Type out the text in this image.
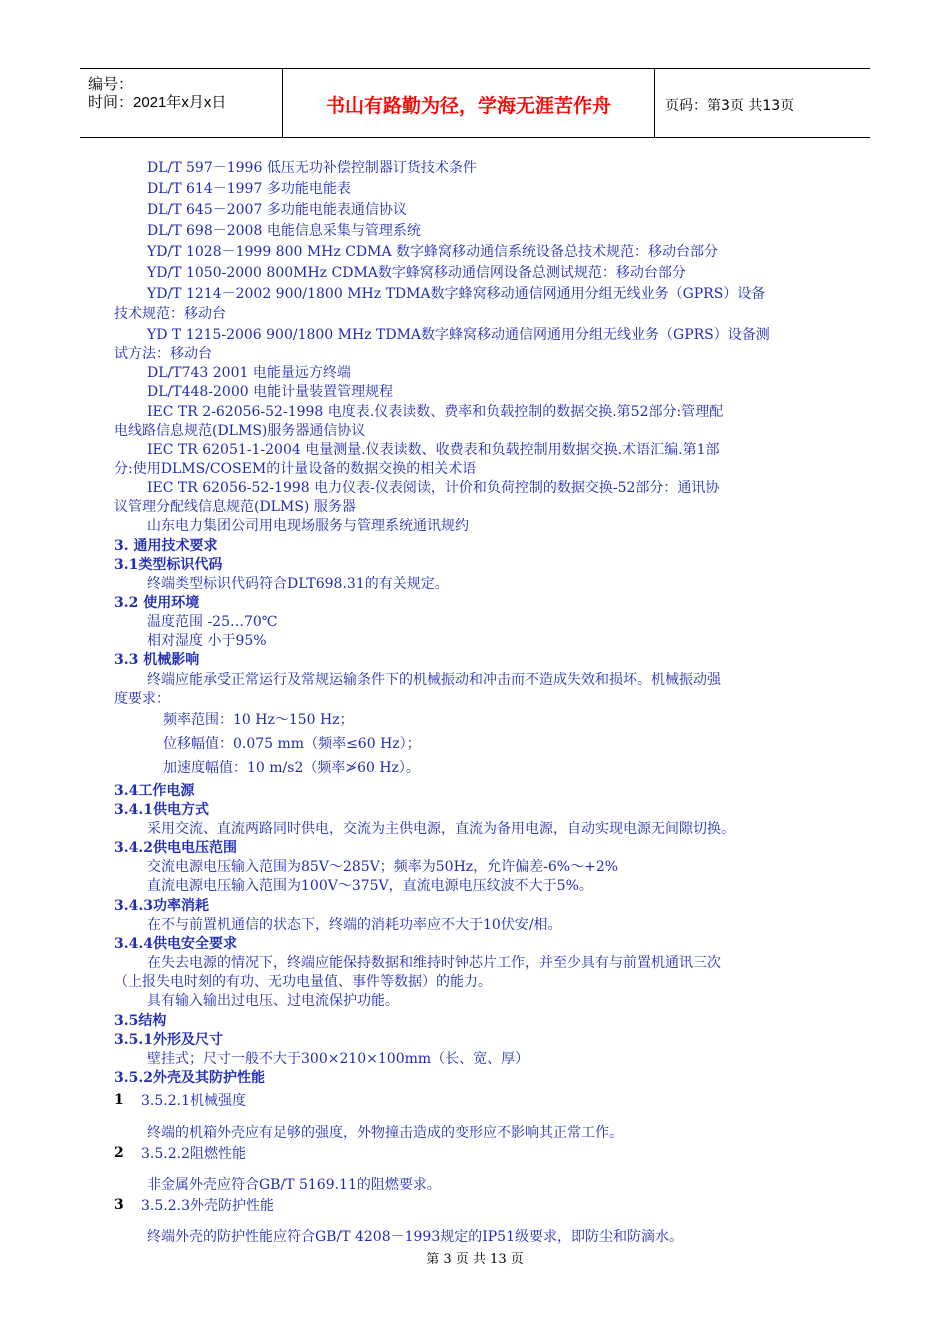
编号：
时间：2021年x月x日	书山有路勤为径，学海无涯苦作舟	页码：第3页 共13页
DL/T 597－1996 低压无功补偿控制器订货技术条件
DL/T 614－1997 多功能电能表
DL/T 645－2007 多功能电能表通信协议
DL/T 698－2008 电能信息采集与管理系统
YD/T 1028－1999 800 MHz CDMA 数字蜂窝移动通信系统设备总技术规范：移动台部分
YD/T 1050-2000 800MHz CDMA数字蜂窝移动通信网设备总测试规范：移动台部分
YD/T 1214－2002 900/1800 MHz TDMA数字蜂窝移动通信网通用分组无线业务（GPRS）设备
技术规范：移动台
YD T 1215-2006 900/1800 MHz TDMA数字蜂窝移动通信网通用分组无线业务（GPRS）设备测
试方法：移动台
DL/T743 2001 电能量远方终端
DL/T448-2000 电能计量装置管理规程
IEC TR 2-62056-52-1998 电度表.仪表读数、费率和负载控制的数据交换.第52部分:管理配
电线路信息规范(DLMS)服务器通信协议
IEC TR 62051-1-2004 电量测量.仪表读数、收费表和负载控制用数据交换.术语汇编.第1部
分:使用DLMS/COSEM的计量设备的数据交换的相关术语
IEC TR 62056-52-1998 电力仪表-仪表阅读，计价和负荷控制的数据交换-52部分：通讯协
议管理分配线信息规范(DLMS) 服务器
山东电力集团公司用电现场服务与管理系统通讯规约
3. 通用技术要求
3.1类型标识代码
终端类型标识代码符合DLT698.31的有关规定。
3.2 使用环境
温度范围 -25…70℃
相对湿度 小于95%
3.3 机械影响
终端应能承受正常运行及常规运输条件下的机械振动和冲击而不造成失效和损坏。机械振动强
度要求：
频率范围：10 Hz～150 Hz；
位移幅值：0.075 mm（频率≤60 Hz）；
加速度幅值：10 m/s2（频率≯60 Hz）。
3.4工作电源
3.4.1供电方式
采用交流、直流两路同时供电，交流为主供电源，直流为备用电源，自动实现电源无间隙切换。
3.4.2供电电压范围
交流电源电压输入范围为85V～285V；频率为50Hz，允许偏差-6%～+2%
直流电源电压输入范围为100V～375V，直流电源电压纹波不大于5%。
3.4.3功率消耗
在不与前置机通信的状态下，终端的消耗功率应不大于10伏安/相。
3.4.4供电安全要求
在失去电源的情况下，终端应能保持数据和维持时钟芯片工作，并至少具有与前置机通讯三次
（上报失电时刻的有功、无功电量值、事件等数据）的能力。
具有输入输出过电压、过电流保护功能。
3.5结构
3.5.1外形及尺寸
壁挂式；尺寸一般不大于300×210×100mm（长、宽、厚）
3.5.2外壳及其防护性能
1 3.5.2.1机械强度
终端的机箱外壳应有足够的强度，外物撞击造成的变形应不影响其正常工作。
2 3.5.2.2阻燃性能
非金属外壳应符合GB/T 5169.11的阻燃要求。
3 3.5.2.3外壳防护性能
终端外壳的防护性能应符合GB/T 4208－1993规定的IP51级要求，即防尘和防滴水。
第 3 页 共 13 页
